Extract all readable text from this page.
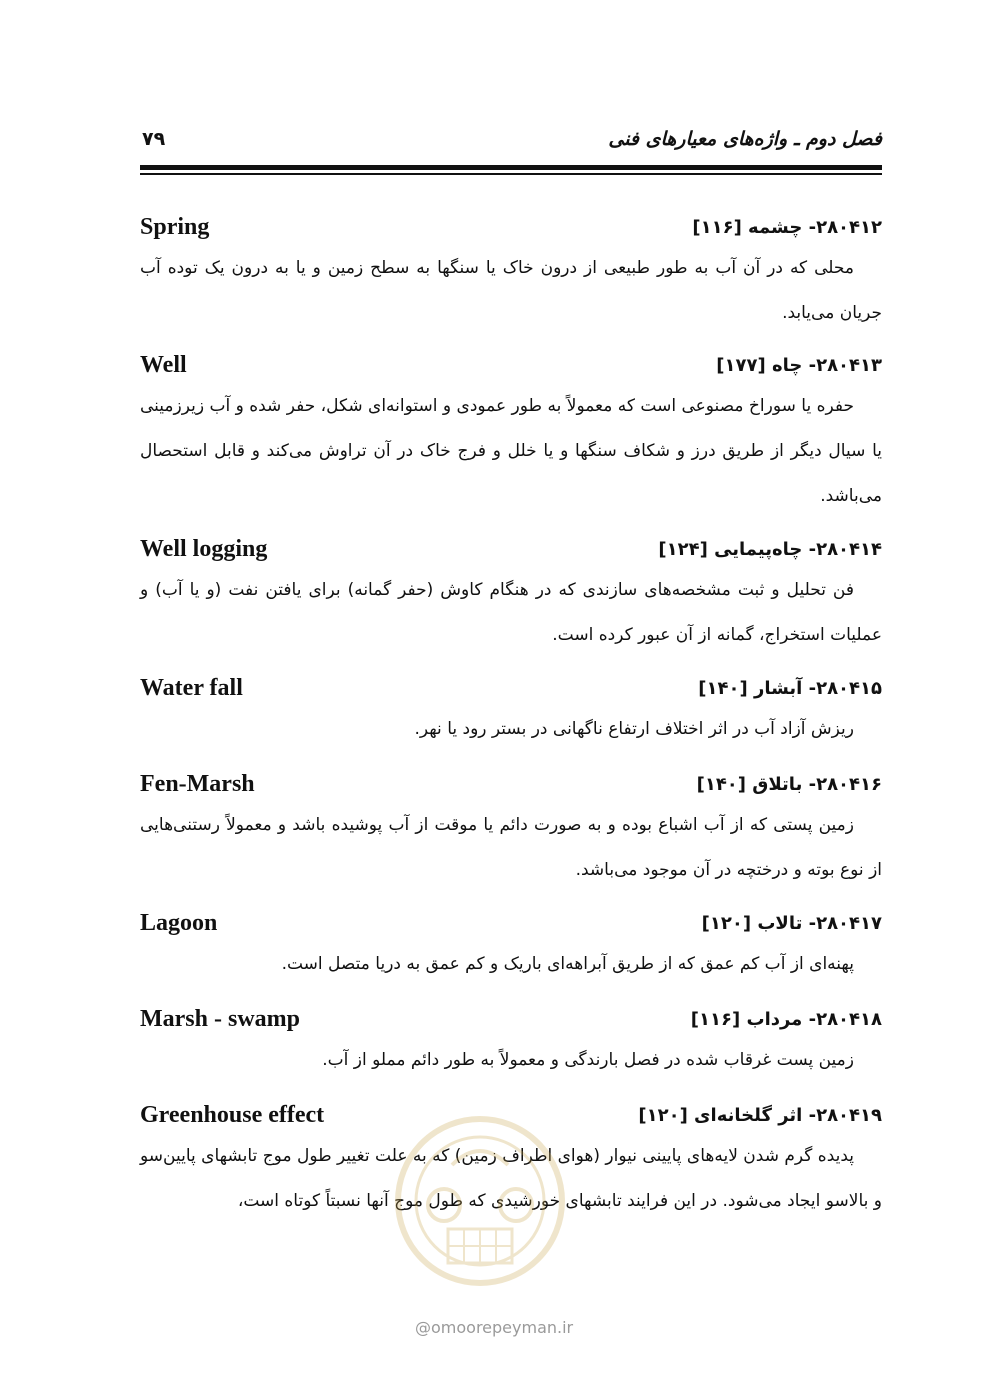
فصل دوم ـ واژه‌های معیارهای فنی
۷۹
Spring	۲۸۰۴۱۲- چشمه [۱۱۶]
محلی که در آن آب به طور طبیعی از درون خاک یا سنگها به سطح زمین و یا به درون یک توده آب جریان می‌یابد.
Well	۲۸۰۴۱۳- چاه [۱۷۷]
حفره یا سوراخ مصنوعی است که معمولاً به طور عمودی و استوانه‌ای شکل، حفر شده و آب زیرزمینی یا سیال دیگر از طریق درز و شکاف سنگها و یا خلل و فرج خاک در آن تراوش می‌کند و قابل استحصال می‌باشد.
Well logging	۲۸۰۴۱۴- چاه‌پیمایی [۱۲۴]
فن تحلیل و ثبت مشخصه‌های سازندی که در هنگام کاوش (حفر گمانه) برای یافتن نفت (و یا آب) و عملیات استخراج، گمانه از آن عبور کرده است.
Water fall	۲۸۰۴۱۵- آبشار [۱۴۰]
ریزش آزاد آب در اثر اختلاف ارتفاع ناگهانی در بستر رود یا نهر.
Fen-Marsh	۲۸۰۴۱۶- باتلاق [۱۴۰]
زمین پستی که از آب اشباع بوده و به صورت دائم یا موقت از آب پوشیده باشد و معمولاً رستنی‌هایی از نوع بوته و درختچه در آن موجود می‌باشد.
Lagoon	۲۸۰۴۱۷- تالاب [۱۲۰]
پهنه‌ای از آب کم عمق که از طریق آبراهه‌ای باریک و کم عمق به دریا متصل است.
Marsh - swamp	۲۸۰۴۱۸- مرداب [۱۱۶]
زمین پست غرقاب شده در فصل بارندگی و معمولاً به طور دائم مملو از آب.
Greenhouse effect	۲۸۰۴۱۹- اثر گلخانه‌ای [۱۲۰]
پدیده گرم شدن لایه‌های پایینی نیوار (هوای اطراف زمین) که به علت تغییر طول موج تابشهای پایین‌سو و بالاسو ایجاد می‌شود. در این فرایند تابشهای خورشیدی که طول موج آنها نسبتاً کوتاه است،
@omoorepeyman.ir
